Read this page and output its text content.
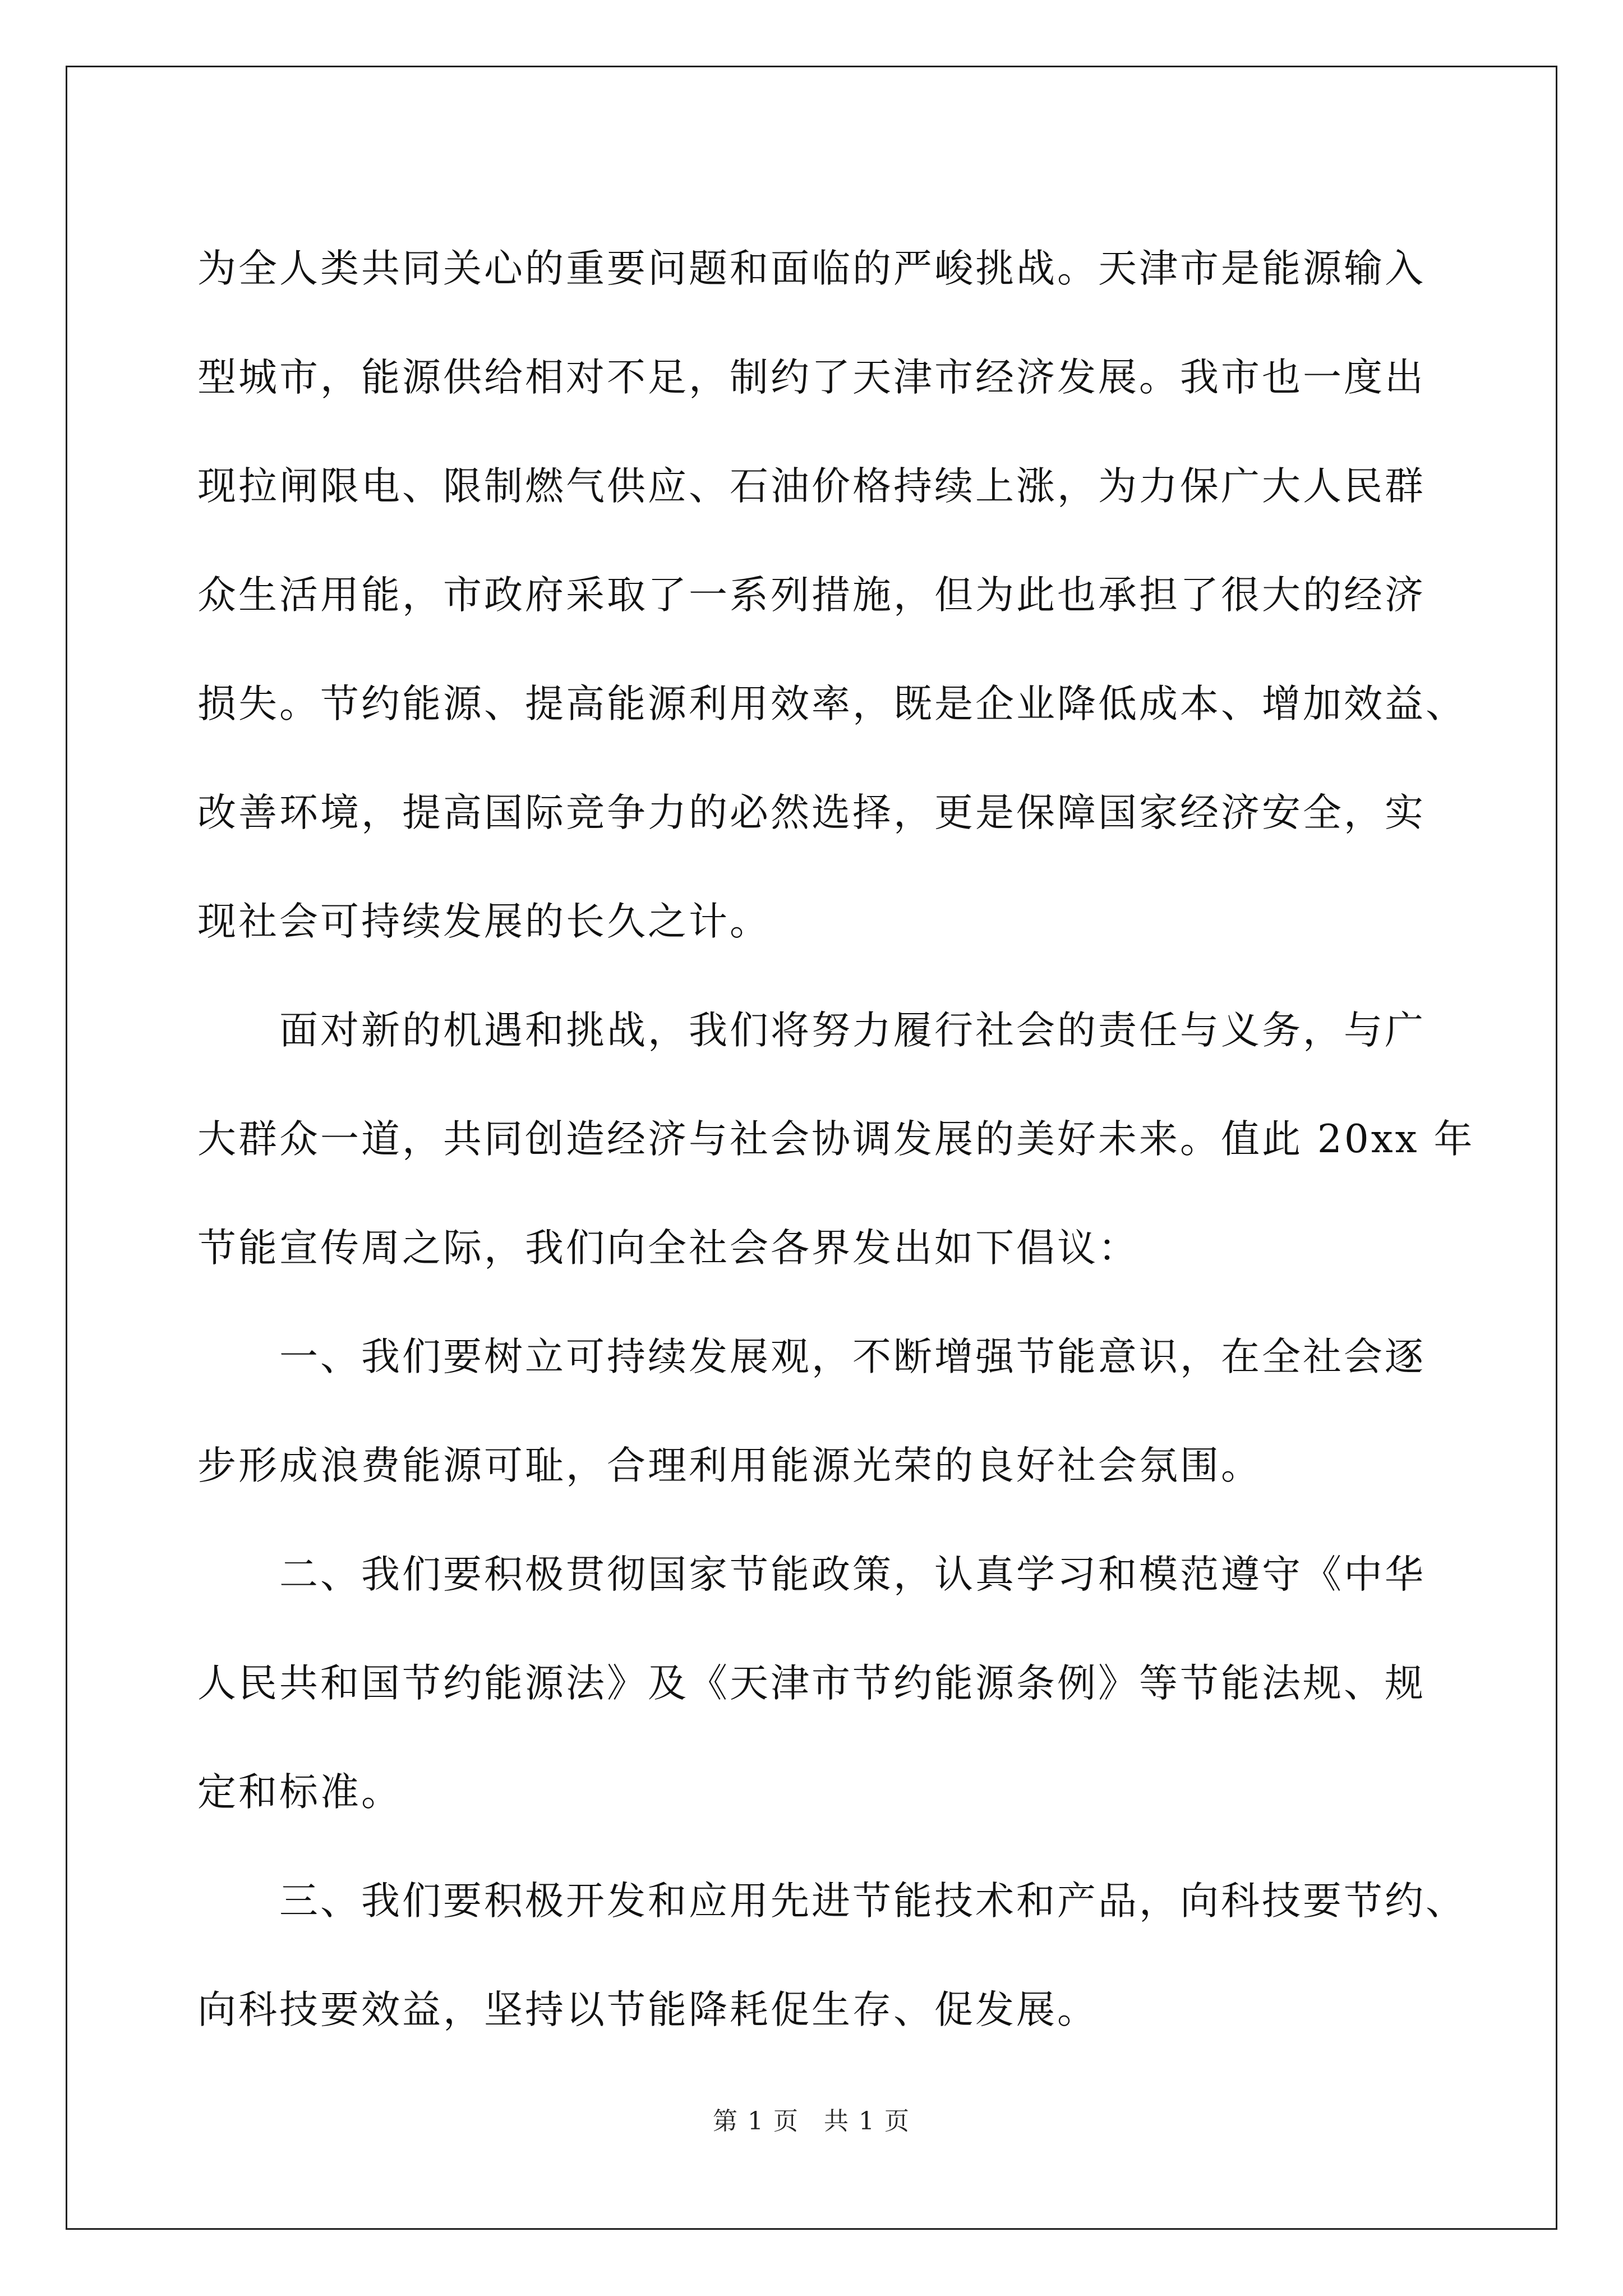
为全人类共同关心的重要问题和面临的严峻挑战。天津市是能源输入
型城市，能源供给相对不足，制约了天津市经济发展。我市也一度出
现拉闸限电、限制燃气供应、石油价格持续上涨，为力保广大人民群
众生活用能，市政府采取了一系列措施，但为此也承担了很大的经济
损失。节约能源、提高能源利用效率，既是企业降低成本、增加效益、
改善环境，提高国际竞争力的必然选择，更是保障国家经济安全，实
现社会可持续发展的长久之计。

面对新的机遇和挑战，我们将努力履行社会的责任与义务，与广
大群众一道，共同创造经济与社会协调发展的美好未来。值此 20xx 年
节能宣传周之际，我们向全社会各界发出如下倡议：

一、我们要树立可持续发展观，不断增强节能意识，在全社会逐
步形成浪费能源可耻，合理利用能源光荣的良好社会氛围。

二、我们要积极贯彻国家节能政策，认真学习和模范遵守《中华
人民共和国节约能源法》及《天津市节约能源条例》等节能法规、规
定和标准。

三、我们要积极开发和应用先进节能技术和产品，向科技要节约、
向科技要效益，坚持以节能降耗促生存、促发展。

第 1 页 共 1 页
